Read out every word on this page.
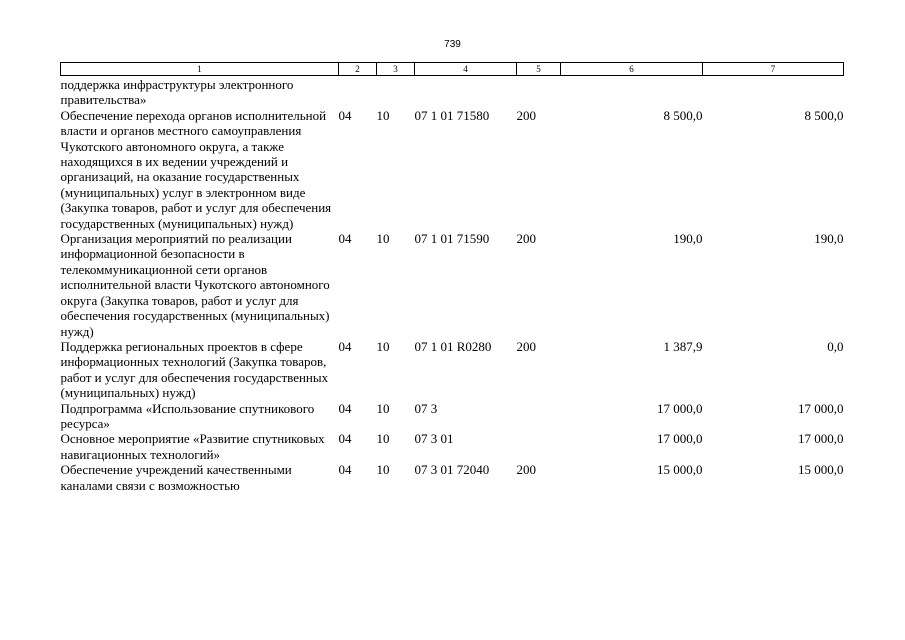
739
1	2	3	4	5	6	7
поддержка инфраструктуры электронного правительства»						
Обеспечение перехода органов исполнительной власти и органов местного самоуправления Чукотского автономного округа, а также находящихся в их ведении учреждений и организаций, на оказание государственных (муниципальных) услуг в электронном виде (Закупка товаров, работ и услуг для обеспечения государственных (муниципальных) нужд)	04	10	07 1 01 71580	200	8 500,0	8 500,0
Организация мероприятий по реализации информационной безопасности в телекоммуникационной сети органов исполнительной власти Чукотского автономного округа (Закупка товаров, работ и услуг для обеспечения государственных (муниципальных) нужд)	04	10	07 1 01 71590	200	190,0	190,0
Поддержка региональных проектов в сфере информационных технологий (Закупка товаров, работ и услуг для обеспечения государственных (муниципальных) нужд)	04	10	07 1 01 R0280	200	1 387,9	0,0
Подпрограмма «Использование спутникового ресурса»	04	10	07 3		17 000,0	17 000,0
Основное мероприятие «Развитие спутниковых навигационных технологий»	04	10	07 3 01		17 000,0	17 000,0
Обеспечение учреждений качественными каналами связи с возможностью	04	10	07 3 01 72040	200	15 000,0	15 000,0
